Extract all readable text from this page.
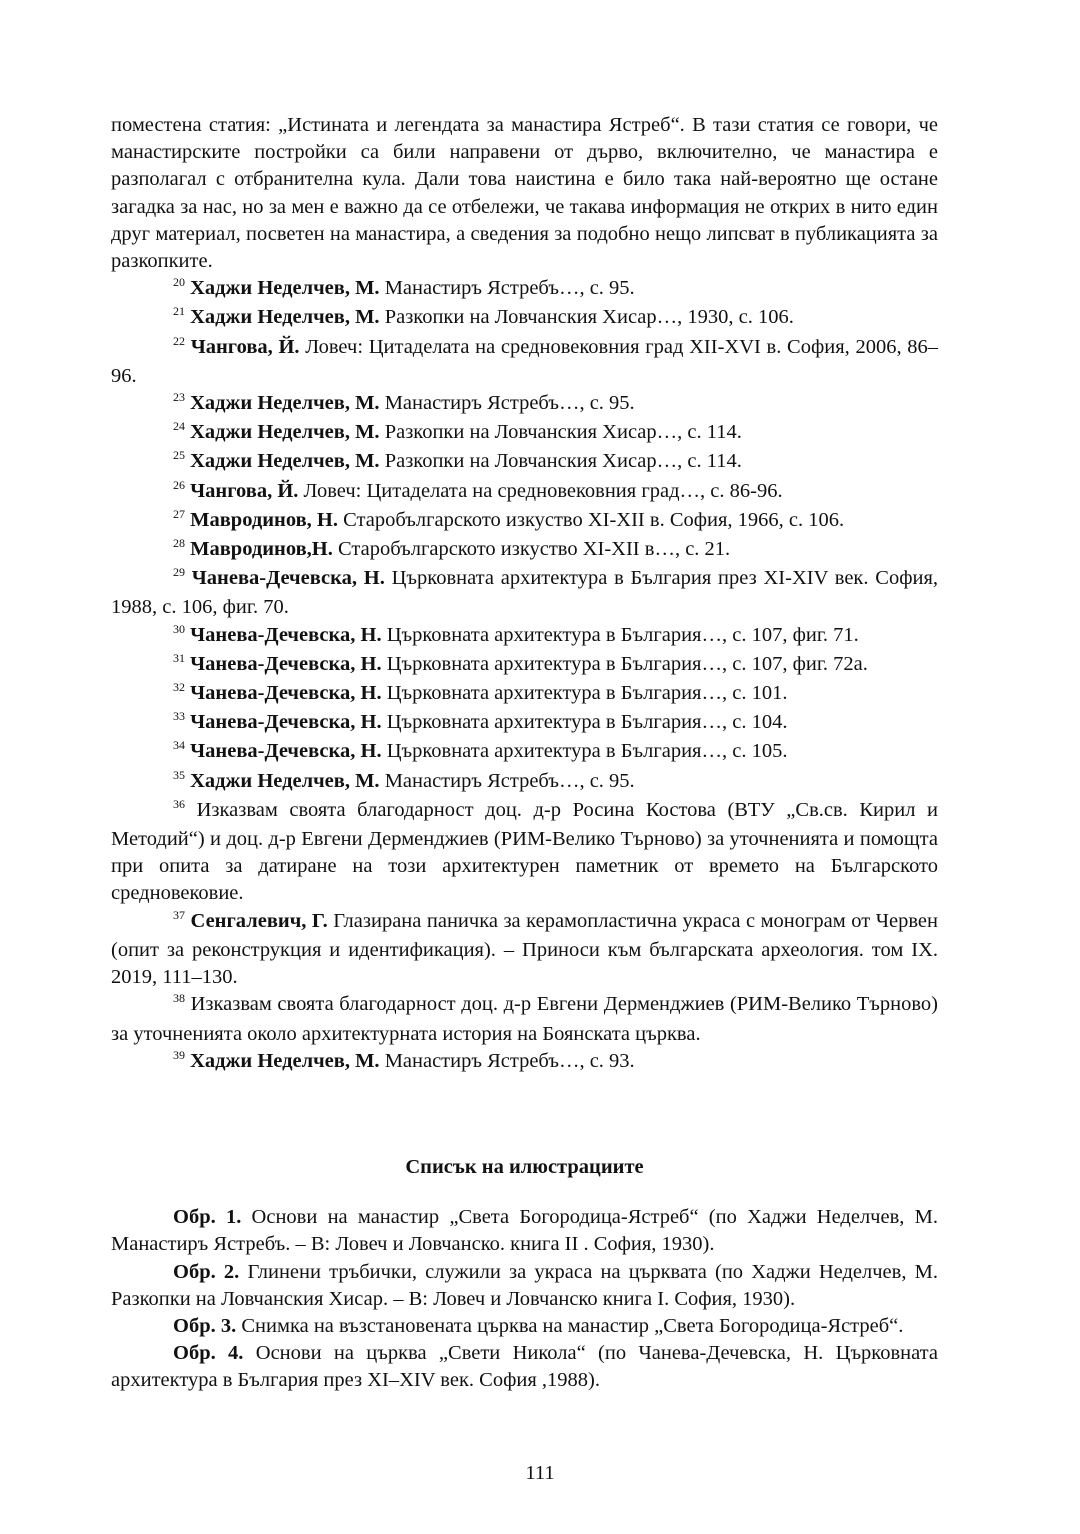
поместена статия: „Истината и легендата за манастира Ястреб“. В тази статия се говори, че манастирските постройки са били направени от дърво, включително, че манастира е разполагал с отбранителна кула. Дали това наистина е било така най-вероятно ще остане загадка за нас, но за мен е важно да се отбележи, че такава информация не открих в нито един друг материал, посветен на манастира, а сведения за подобно нещо липсват в публикацията за разкопките.

$^{20}$ Хаджи Неделчев, М. Манастиръ Ястребъ…, с. 95.

$^{21}$ Хаджи Неделчев, М. Разкопки на Ловчанския Хисар…, 1930, с. 106.

$^{22}$ Чангова, Й. Ловеч: Цитаделата на средновековния град XII-XVI в. София, 2006, 86–96.

$^{23}$ Хаджи Неделчев, М. Манастиръ Ястребъ…, с. 95.

$^{24}$ Хаджи Неделчев, М. Разкопки на Ловчанския Хисар…, с. 114.

$^{25}$ Хаджи Неделчев, М. Разкопки на Ловчанския Хисар…, с. 114.

$^{26}$ Чангова, Й. Ловеч: Цитаделата на средновековния град…, с. 86-96.

$^{27}$ Мавродинов, Н. Старобългарското изкуство XI-XII в. София, 1966, с. 106.

$^{28}$ Мавродинов,Н. Старобългарското изкуство XI-XII в…, с. 21.

$^{29}$ Чанева-Дечевска, Н. Църковната архитектура в България през XI-XIV век. София, 1988, с. 106, фиг. 70.

$^{30}$ Чанева-Дечевска, Н. Църковната архитектура в България…, с. 107, фиг. 71.

$^{31}$ Чанева-Дечевска, Н. Църковната архитектура в България…, с. 107, фиг. 72а.

$^{32}$ Чанева-Дечевска, Н. Църковната архитектура в България…, с. 101.

$^{33}$ Чанева-Дечевска, Н. Църковната архитектура в България…, с. 104.

$^{34}$ Чанева-Дечевска, Н. Църковната архитектура в България…, с. 105.

$^{35}$ Хаджи Неделчев, М. Манастиръ Ястребъ…, с. 95.

$^{36}$ Изказвам своята благодарност доц. д-р Росина Костова (ВТУ „Св.св. Кирил и Методий“) и доц. д-р Евгени Дерменджиев (РИМ-Велико Търново) за уточненията и помощта при опита за датиране на този архитектурен паметник от времето на Българското средновековие.

$^{37}$ Сенгалевич, Г. Глазирана паничка за керамопластична украса с монограм от Червен (опит за реконструкция и идентификация). – Приноси към българската археология. том IX. 2019, 111–130.

$^{38}$ Изказвам своята благодарност доц. д-р Евгени Дерменджиев (РИМ-Велико Търново) за уточненията около архитектурната история на Боянската църква.

$^{39}$ Хаджи Неделчев, М. Манастиръ Ястребъ…, с. 93.

Списък на илюстрациите

Обр. 1. Основи на манастир „Света Богородица-Ястреб“ (по Хаджи Неделчев, М. Манастиръ Ястребъ. – В: Ловеч и Ловчанско. книга II . София, 1930).

Обр. 2. Глинени тръбички, служили за украса на църквата (по Хаджи Неделчев, М. Разкопки на Ловчанския Хисар. – В: Ловеч и Ловчанско книга I. София, 1930).

Обр. 3. Снимка на възстановената църква на манастир „Света Богородица-Ястреб“.

Обр. 4. Основи на църква „Свети Никола“ (по Чанева-Дечевска, Н. Църковната архитектура в България през XI–XIV век. София ,1988).

111
